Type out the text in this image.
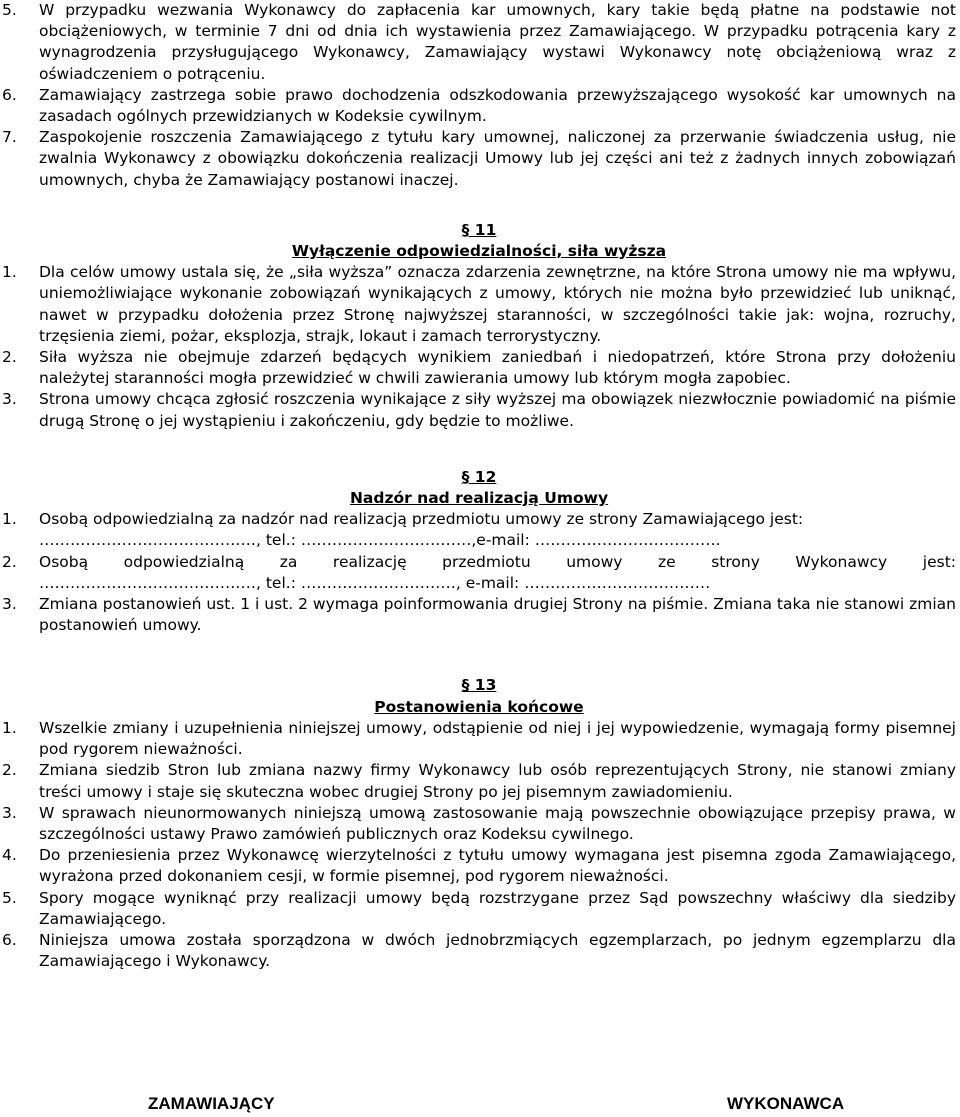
5. W przypadku wezwania Wykonawcy do zapłacenia kar umownych, kary takie będą płatne na podstawie not obciążeniowych, w terminie 7 dni od dnia ich wystawienia przez Zamawiającego. W przypadku potrącenia kary z wynagrodzenia przysługującego Wykonawcy, Zamawiający wystawi Wykonawcy notę obciążeniową wraz z oświadczeniem o potrąceniu.
6. Zamawiający zastrzega sobie prawo dochodzenia odszkodowania przewyższającego wysokość kar umownych na zasadach ogólnych przewidzianych w Kodeksie cywilnym.
7. Zaspokojenie roszczenia Zamawiającego z tytułu kary umownej, naliczonej za przerwanie świadczenia usług, nie zwalnia Wykonawcy z obowiązku dokończenia realizacji Umowy lub jej części ani też z żadnych innych zobowiązań umownych, chyba że Zamawiający postanowi inaczej.
§ 11
Wyłączenie odpowiedzialności, siła wyższa
1. Dla celów umowy ustala się, że „siła wyższa” oznacza zdarzenia zewnętrzne, na które Strona umowy nie ma wpływu, uniemożliwiające wykonanie zobowiązań wynikających z umowy, których nie można było przewidzieć lub uniknąć, nawet w przypadku dołożenia przez Stronę najwyższej staranności, w szczególności takie jak: wojna, rozruchy, trzęsienia ziemi, pożar, eksplozja, strajk, lokaut i zamach terrorystyczny.
2. Siła wyższa nie obejmuje zdarzeń będących wynikiem zaniedbań i niedopatrzeń, które Strona przy dołożeniu należytej staranności mogła przewidzieć w chwili zawierania umowy lub którym mogła zapobiec.
3. Strona umowy chcąca zgłosić roszczenia wynikające z siły wyższej ma obowiązek niezwłocznie powiadomić na piśmie drugą Stronę o jej wystąpieniu i zakończeniu, gdy będzie to możliwe.
§ 12
Nadzór nad realizacją Umowy
1. Osobą odpowiedzialną za nadzór nad realizacją przedmiotu umowy ze strony Zamawiającego jest:
……………………………………, tel.: ……………………………,e-mail: ………………………………
2. Osobą odpowiedzialną za realizację przedmiotu umowy ze strony Wykonawcy jest:
……………………………………, tel.: …………………………, e-mail: ………………………………
3. Zmiana postanowień ust. 1 i ust. 2 wymaga poinformowania drugiej Strony na piśmie. Zmiana taka nie stanowi zmian postanowień umowy.
§ 13
Postanowienia końcowe
1. Wszelkie zmiany i uzupełnienia niniejszej umowy, odstąpienie od niej i jej wypowiedzenie, wymagają formy pisemnej pod rygorem nieważności.
2. Zmiana siedzib Stron lub zmiana nazwy firmy Wykonawcy lub osób reprezentujących Strony, nie stanowi zmiany treści umowy i staje się skuteczna wobec drugiej Strony po jej pisemnym zawiadomieniu.
3. W sprawach nieunormowanych niniejszą umową zastosowanie mają powszechnie obowiązujące przepisy prawa, w szczególności ustawy Prawo zamówień publicznych oraz Kodeksu cywilnego.
4. Do przeniesienia przez Wykonawcę wierzytelności z tytułu umowy wymagana jest pisemna zgoda Zamawiającego, wyrażona przed dokonaniem cesji, w formie pisemnej, pod rygorem nieważności.
5. Spory mogące wyniknąć przy realizacji umowy będą rozstrzygane przez Sąd powszechny właściwy dla siedziby Zamawiającego.
6. Niniejsza umowa została sporządzona w dwóch jednobrzmiących egzemplarzach, po jednym egzemplarzu dla Zamawiającego i Wykonawcy.
ZAMAWIAJĄCY	WYKONAWCA
